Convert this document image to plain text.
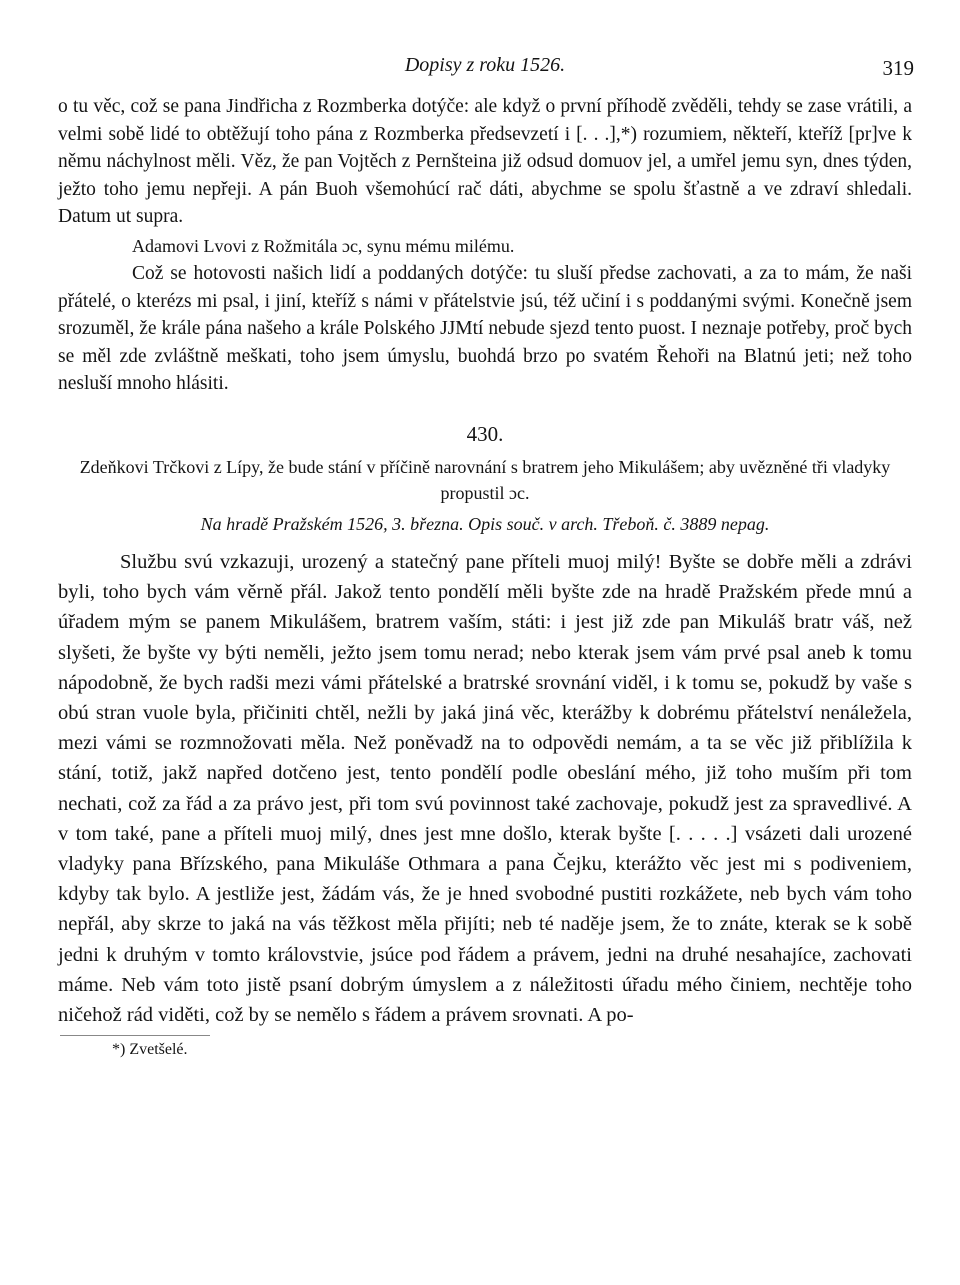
Dopisy z roku 1526.	319

o tu věc, což se pana Jindřicha z Rozmberka dotýče: ale když o první příhodě zvěděli, tehdy se zase vrátili, a velmi sobě lidé to obtěžují toho pána z Rozmberka předsevzetí i [. . .],*) rozumiem, někteří, kteříž [pr]ve k němu náchylnost měli. Věz, že pan Vojtěch z Pernšteina již odsud domuov jel, a umřel jemu syn, dnes týden, ježto toho jemu nepřeji. A pán Buoh všemohúcí rač dáti, abychme se spolu šťastně a ve zdraví shledali. Datum ut supra.

Adamovi Lvovi z Rožmitála ɔc, synu mému milému.

Což se hotovosti našich lidí a poddaných dotýče: tu sluší předse zachovati, a za to mám, že naši přátelé, o kterézs mi psal, i jiní, kteříž s námi v přátelstvie jsú, též učiní i s poddanými svými. Konečně jsem srozuměl, že krále pána našeho a krále Polského JJMtí nebude sjezd tento puost. I neznaje potřeby, proč bych se měl zde zvláštně meškati, toho jsem úmyslu, buohdá brzo po svatém Řehoři na Blatnú jeti; než toho nesluší mnoho hlásiti.

430.

Zdeňkovi Trčkovi z Lípy, že bude stání v příčině narovnání s bratrem jeho Mikulášem; aby uvězněné tři vladyky propustil ɔc.

Na hradě Pražském 1526, 3. března. Opis souč. v arch. Třeboň. č. 3889 nepag.

Službu svú vzkazuji, urozený a statečný pane příteli muoj milý! Byšte se dobře měli a zdrávi byli, toho bych vám věrně přál. Jakož tento pondělí měli byšte zde na hradě Pražském přede mnú a úřadem mým se panem Mikulášem, bratrem vaším, státi: i jest již zde pan Mikuláš bratr váš, než slyšeti, že byšte vy býti neměli, ježto jsem tomu nerad; nebo kterak jsem vám prvé psal aneb k tomu nápodobně, že bych radši mezi vámi přátelské a bratrské srovnání viděl, i k tomu se, pokudž by vaše s obú stran vuole byla, přičiniti chtěl, nežli by jaká jiná věc, kterážby k dobrému přátelství nenáležela, mezi vámi se rozmnožovati měla. Než poněvadž na to odpovědi nemám, a ta se věc již přiblížila k stání, totiž, jakž napřed dotčeno jest, tento pondělí podle obeslání mého, již toho muším při tom nechati, což za řád a za právo jest, při tom svú povinnost také zachovaje, pokudž jest za spravedlivé. A v tom také, pane a příteli muoj milý, dnes jest mne došlo, kterak byšte [. . . . .] vsázeti dali urozené vladyky pana Břízského, pana Mikuláše Othmara a pana Čejku, kterážto věc jest mi s podiveniem, kdyby tak bylo. A jestliže jest, žádám vás, že je hned svobodné pustiti rozkážete, neb bych vám toho nepřál, aby skrze to jaká na vás těžkost měla přijíti; neb té naděje jsem, že to znáte, kterak se k sobě jedni k druhým v tomto královstvie, jsúce pod řádem a právem, jedni na druhé nesahajíce, zachovati máme. Neb vám toto jistě psaní dobrým úmyslem a z náležitosti úřadu mého činiem, nechtěje toho ničehož rád viděti, což by se nemělo s řádem a právem srovnati. A po-

*) Zvetšelé.
